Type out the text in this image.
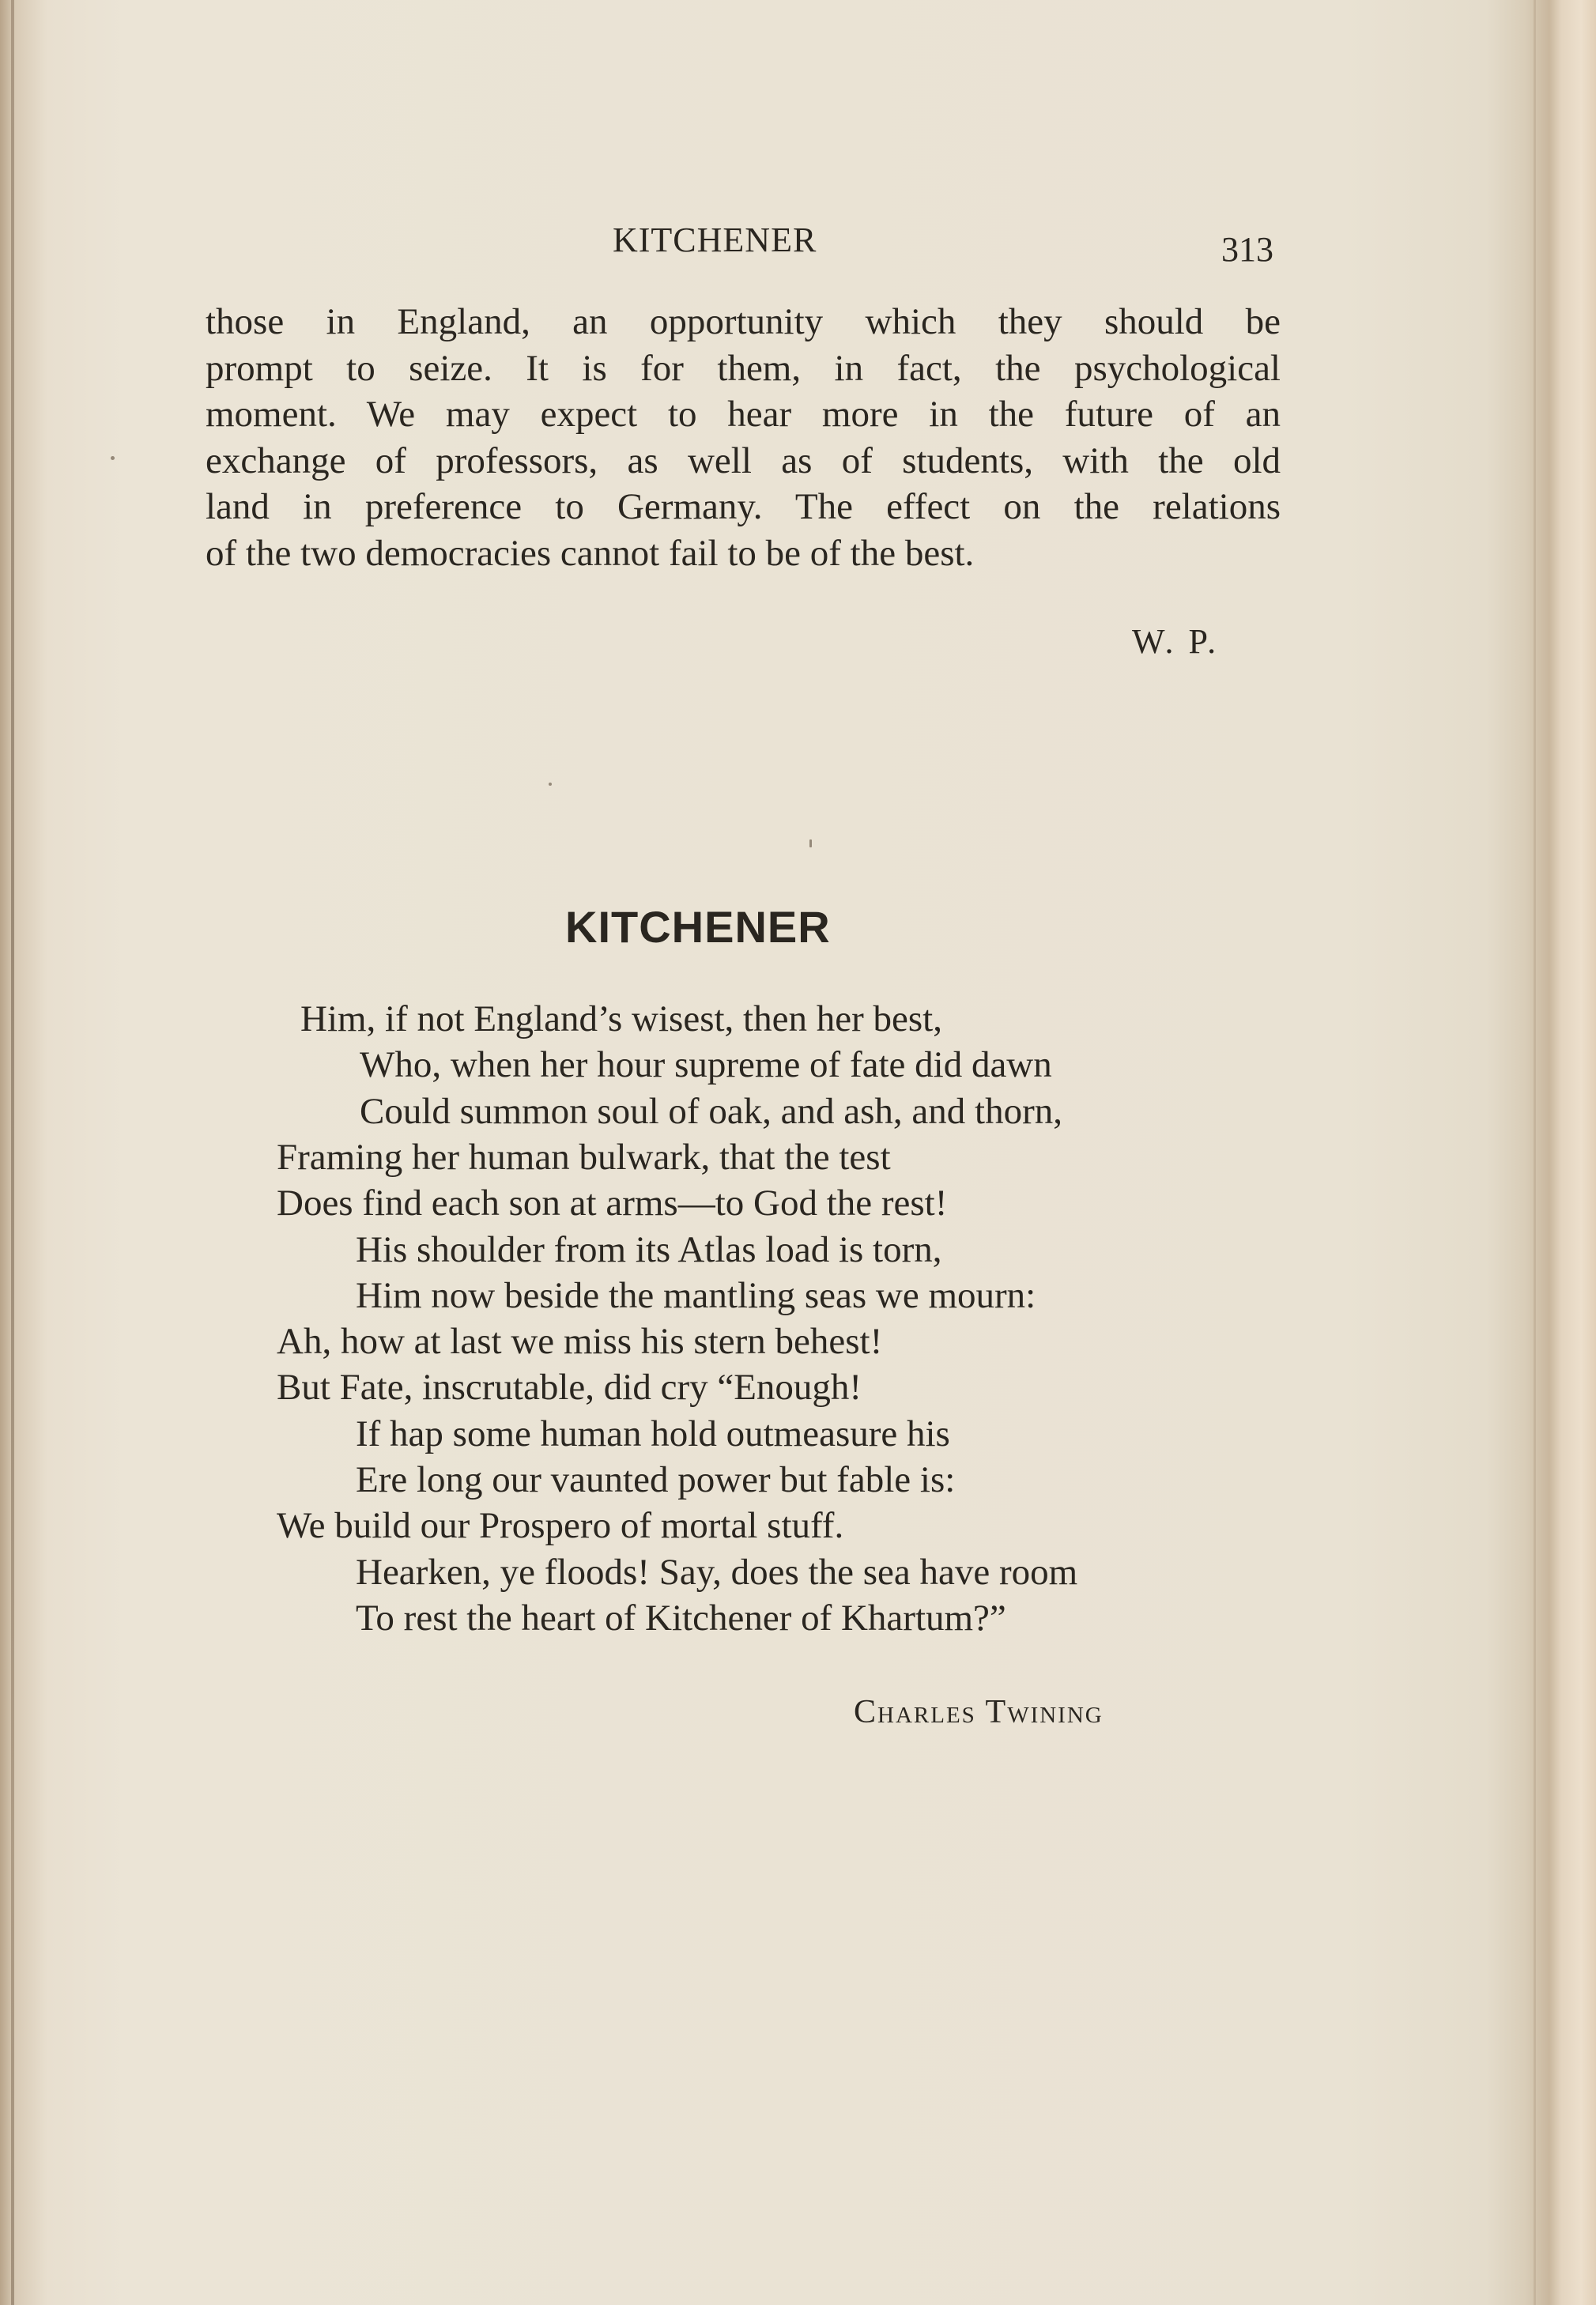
KITCHENER	313
those in England, an opportunity which they should be
prompt to seize. It is for them, in fact, the psychological
moment. We may expect to hear more in the future of an
exchange of professors, as well as of students, with the old
land in preference to Germany. The effect on the relations
of the two democracies cannot fail to be of the best.
W. P.
KITCHENER
Him, if not England’s wisest, then her best,
Who, when her hour supreme of fate did dawn
Could summon soul of oak, and ash, and thorn,
Framing her human bulwark, that the test
Does find each son at arms—to God the rest!
His shoulder from its Atlas load is torn,
Him now beside the mantling seas we mourn:
Ah, how at last we miss his stern behest!
But Fate, inscrutable, did cry “Enough!
If hap some human hold outmeasure his
Ere long our vaunted power but fable is:
We build our Prospero of mortal stuff.
Hearken, ye floods! Say, does the sea have room
To rest the heart of Kitchener of Khartum?”
Charles Twining
